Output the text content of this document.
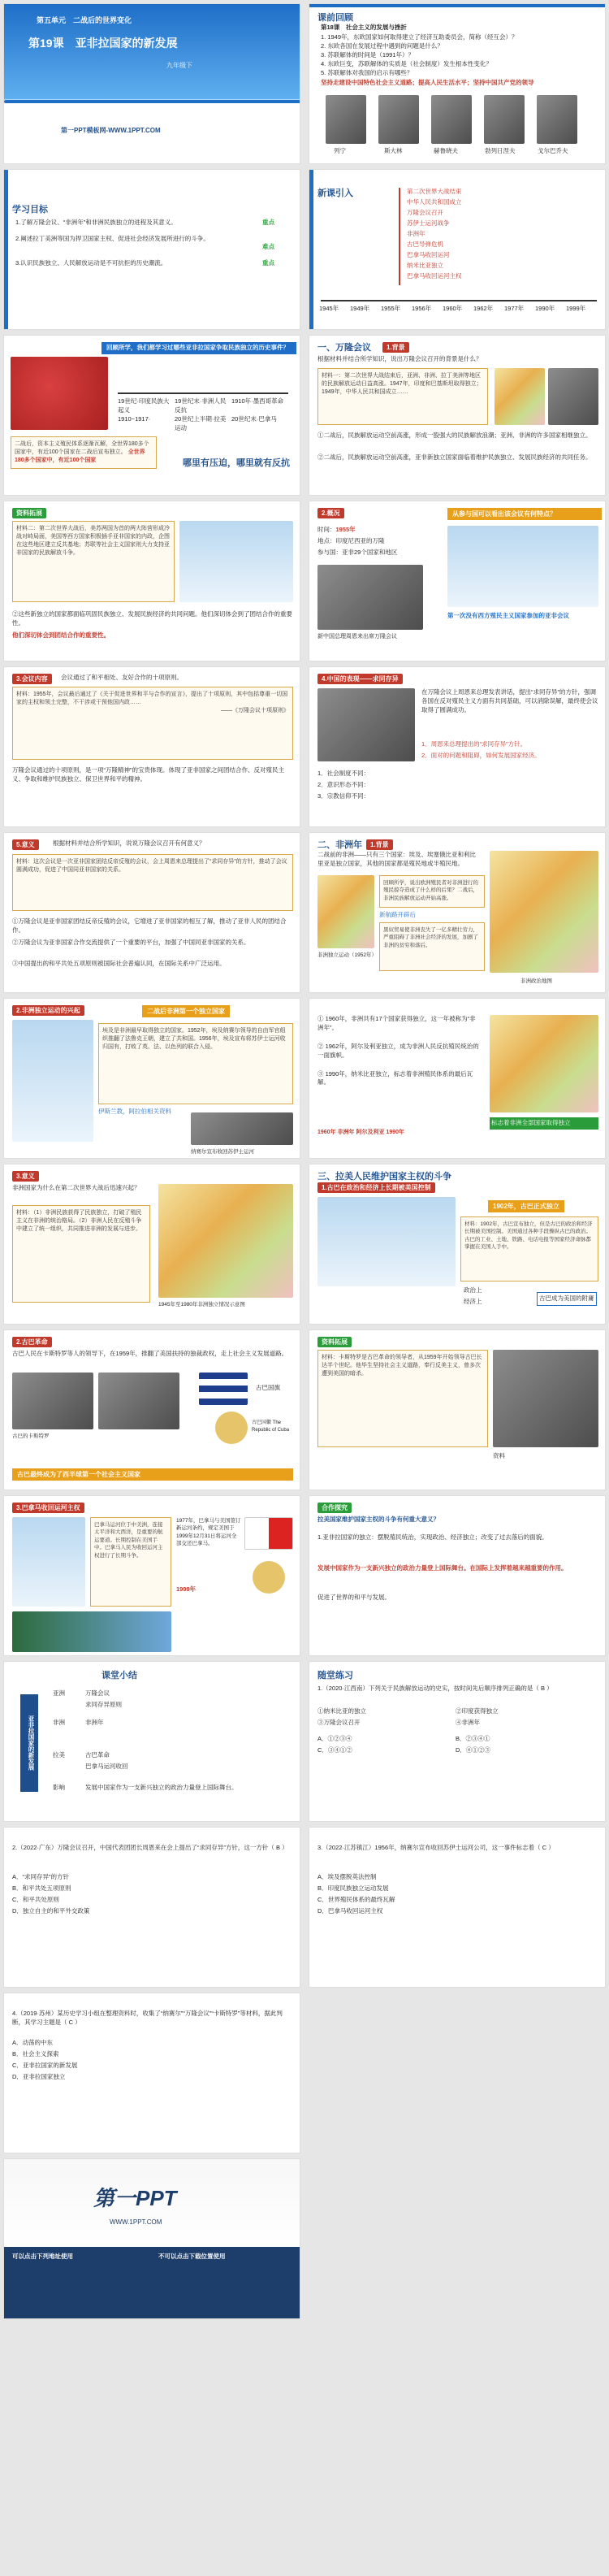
第五单元　二战后的世界变化
第19课　亚非拉国家的新发展
九年级下
第一PPT模板网-WWW.1PPT.COM
课前回顾
第18课　社会主义的发展与挫折
1. 1949年，东欧国家如何取得建立了经济互助委员会，简称（经互会）？
2. 东欧各国在发展过程中遇到的问题是什么？
3. 苏联解体的时间是（1991年）？
4. 东欧巨变，苏联解体的实质是（社会制度）发生根本性变化？
5. 苏联解体对我国的启示有哪些？
坚持走建设中国特色社会主义道路；提高人民生活水平；坚持中国共产党的领导
列宁	斯大林	赫鲁晓夫	勃列日涅夫	戈尔巴乔夫
学习目标
1.了解万隆会议、“非洲年”和非洲民族独立的进程及其意义。	重点
2.阐述拉丁美洲等国为捍卫国家主权、促进社会经济发展所进行的斗争。
难点
3.认识民族独立、人民解放运动是不可抗拒的历史潮流。	重点
新课引入	第二次世界大战结束
中华人民共和国成立
万隆会议召开
苏伊士运河战争
非洲年
古巴导弹危机
巴拿马收回运河
纳米比亚独立
巴拿马收回运河主权
1945年 1949年 1955年 1956年 1960年 1962年 1977年 1990年 1999年
回顾所学，我们都学习过哪些亚非拉国家争取民族独立的历史事件？
19世纪·印度民族大起义
19世纪末·非洲人民反抗
1910年·墨西哥革命
1910~1917·	20世纪上半期·拉美运动
20世纪末·巴拿马
二战后，资本主义殖民体系逐渐瓦解，全世界180多个国家中，有近100个国家在二战后宣布独立。 全世界180多个国家中，有近100个国家	哪里有压迫，哪里就有反抗
一、万隆会议	1.背景
根据材料并结合所学知识，说出万隆会议召开的背景是什么？
材料一：第二次世界大战结束后，亚洲、非洲、拉丁美洲等地区的民族解放运动日益高涨。1947年，印度和巴基斯坦取得独立；1949年，中华人民共和国成立……
①二战后，民族解放运动空前高涨，形成一股强大的民族解放浪潮；亚洲、非洲的许多国家相继独立。
②二战后，民族解放运动空前高涨，亚非新独立国家面临着维护民族独立、发展民族经济的共同任务。
资料拓展
材料二：第二次世界大战后，美苏两国为首的两大阵营形成冷战对峙局面，美国等西方国家积极插手亚非国家的内政，企图在这些地区建立反共基地；苏联等社会主义国家则大力支持亚非国家的民族解放斗争。
②这些新独立的国家都面临巩固民族独立、发展民族经济的共同问题。他们深切体会到了团结合作的重要性。
他们深切体会到团结合作的重要性。
2.概况
时间：1955年
地点：印度尼西亚的万隆
参与国：亚非29个国家和地区
新中国总理周恩来出席万隆会议
从参与国可以看出该会议有何特点？
第一次没有西方殖民主义国家参加的亚非会议
3.会议内容	会议通过了和平相处、友好合作的十项原则。
材料：1955年，会议最后通过了《关于促进世界和平与合作的宣言》，提出了十项原则，其中包括尊重一切国家的主权和领土完整，不干涉或干预他国内政……

——《万隆会议十项原则》
万隆会议通过的十项原则，是一项“万隆精神”的宝贵体现。体现了亚非国家之间团结合作、反对殖民主义、争取和维护民族独立、保卫世界和平的精神。
4.中国的表现——求同存异
在万隆会议上周恩来总理发表讲话，提出“求同存异”的方针，强调各国在反对殖民主义方面有共同基础，可以消除误解，最终使会议取得了圆满成功。
1．周恩来总理提出的“求同存异”方针。
2．面对的问题和阻碍，如何发展国家经济。
1．社会制度不同：
2．意识形态不同：
3．宗教信仰不同：
5.意义	根据材料并结合所学知识，说说万隆会议召开有何意义？
材料：这次会议是一次亚非国家团结反帝反殖的会议，会上周恩来总理提出了“求同存异”的方针，推动了会议圆满成功，促进了中国同亚非国家的关系。
①万隆会议是亚非国家团结反帝反殖的会议，它增进了亚非国家的相互了解，推动了亚非人民的团结合作。
②万隆会议为亚非国家合作交流提供了一个重要的平台，加强了中国同亚非国家的关系。
③中国提出的和平共处五项原则被国际社会普遍认同，在国际关系中广泛运用。
二、非洲年	1.背景
二战前的非洲——只有三个国家：埃及、埃塞俄比亚和利比里亚是独立国家，其他的国家都是殖民地或半殖民地。
非洲独立运动（1952年）
回顾所学，说出欧洲殖民者对非洲进行的殖民掠夺造成了什么样的后果？二战后，非洲民族解放运动开始高涨。
新航路开辟后
黑奴贸易使非洲丧失了一亿多精壮劳力，严重阻碍了非洲社会经济的发展，加剧了非洲的贫穷和落后。
非洲政治地图
2.非洲独立运动的兴起	二战后非洲第一个独立国家
埃及是非洲最早取得独立的国家。1952年，埃及纳赛尔领导的自由军官组织推翻了法鲁克王朝，建立了共和国。1956年，埃及宣布将苏伊士运河收归国有，打败了英、法、以色列的联合入侵。
伊斯兰教，阿拉伯相关资料
纳赛尔宣布收回苏伊士运河
① 1960年，非洲共有17个国家获得独立，这一年被称为“非洲年”。
② 1962年，阿尔及利亚独立，成为非洲人民反抗殖民统治的一面旗帜。
③ 1990年，纳米比亚独立，标志着非洲殖民体系的最后瓦解。
1960年 非洲年 阿尔及利亚 1990年
标志着非洲全部国家取得独立
3.意义
非洲国家为什么在第二次世界大战后迅速兴起？
材料：（1）非洲民族获得了民族独立，打破了殖民主义在非洲的统治格局。（2）非洲人民在反殖斗争中建立了统一组织，共同推进非洲的发展与进步。
1945年至1980年非洲独立情况示意图
三、拉美人民维护国家主权的斗争
1.古巴在政治和经济上长期被美国控制
1902年，古巴正式独立
材料：1902年，古巴宣布独立，但是古巴的政治和经济长期被美国控制。美国通过各种手段操纵古巴的政治。古巴的工业、土地、铁路、电话电报等国家经济命脉都掌握在美国人手中。
政治上
经济上	古巴成为美国的附庸
2.古巴革命
古巴人民在卡斯特罗等人的领导下，在1959年，推翻了美国扶持的独裁政权，走上社会主义发展道路。
古巴国旗
古巴国徽 The Republic of Cuba
古巴的卡斯特罗
古巴最终成为了西半球第一个社会主义国家
资料拓展
材料：卡斯特罗是古巴革命的领导者，从1959年开始领导古巴长达半个世纪。他毕生坚持社会主义道路，奉行反美主义，曾多次遭到美国的暗杀。
资料
3.巴拿马收回运河主权
巴拿马运河位于中美洲，连接太平洋和大西洋，是重要的航运要道。长期控制在美国手中。巴拿马人民为收回运河主权进行了长期斗争。
1977年，巴拿马与美国签订新运河条约，规定美国于1999年12月31日将运河全部交还巴拿马。
1999年
合作探究
拉美国家维护国家主权的斗争有何重大意义？
1.亚非拉国家的独立：摆脱殖民统治，实现政治、经济独立；改变了过去落后的面貌。
发展中国家作为一支新兴独立的政治力量登上国际舞台。在国际上发挥着越来越重要的作用。
促进了世界的和平与发展。
课堂小结
亚非拉国家的新发展
亚洲
非洲
拉美
影响
万隆会议
求同存异原则
非洲年
古巴革命
巴拿马运河收回
发展中国家作为一支新兴独立的政治力量登上国际舞台。
随堂练习
1.（2020·江西南）下列关于民族解放运动的史实，按时间先后顺序排列正确的是（ B ）
①纳米比亚的独立	②印度获得独立
③万隆会议召开	④非洲年
A．①②③④	B．②③④①
C．③④①②	D．④①②③
2.（2022·广东）万隆会议召开，中国代表团团长周恩来在会上提出了“求同存异”方针，这一方针（ B ）
A．“求同存异”的方针
B．和平共处五项原则
C．和平共处原则
D．独立自主的和平外交政策
3.（2022·江苏镇江）1956年，纳赛尔宣布收回苏伊士运河公司，这一事件标志着（ C ）
A．埃及摆脱英法控制
B．印度民族独立运动发展
C．世界殖民体系的最终瓦解
D．巴拿马收回运河主权
4.（2019·苏州）某历史学习小组在整理资料时，收集了“纳赛尔”“万隆会议”“卡斯特罗”等材料，据此判断，其学习主题是（ C ）
A．动荡的中东
B．社会主义探索
C．亚非拉国家的新发展
D．亚非拉国家独立
第一PPT
WWW.1PPT.COM
可以点击下列地址使用	不可以点击下载位置使用
